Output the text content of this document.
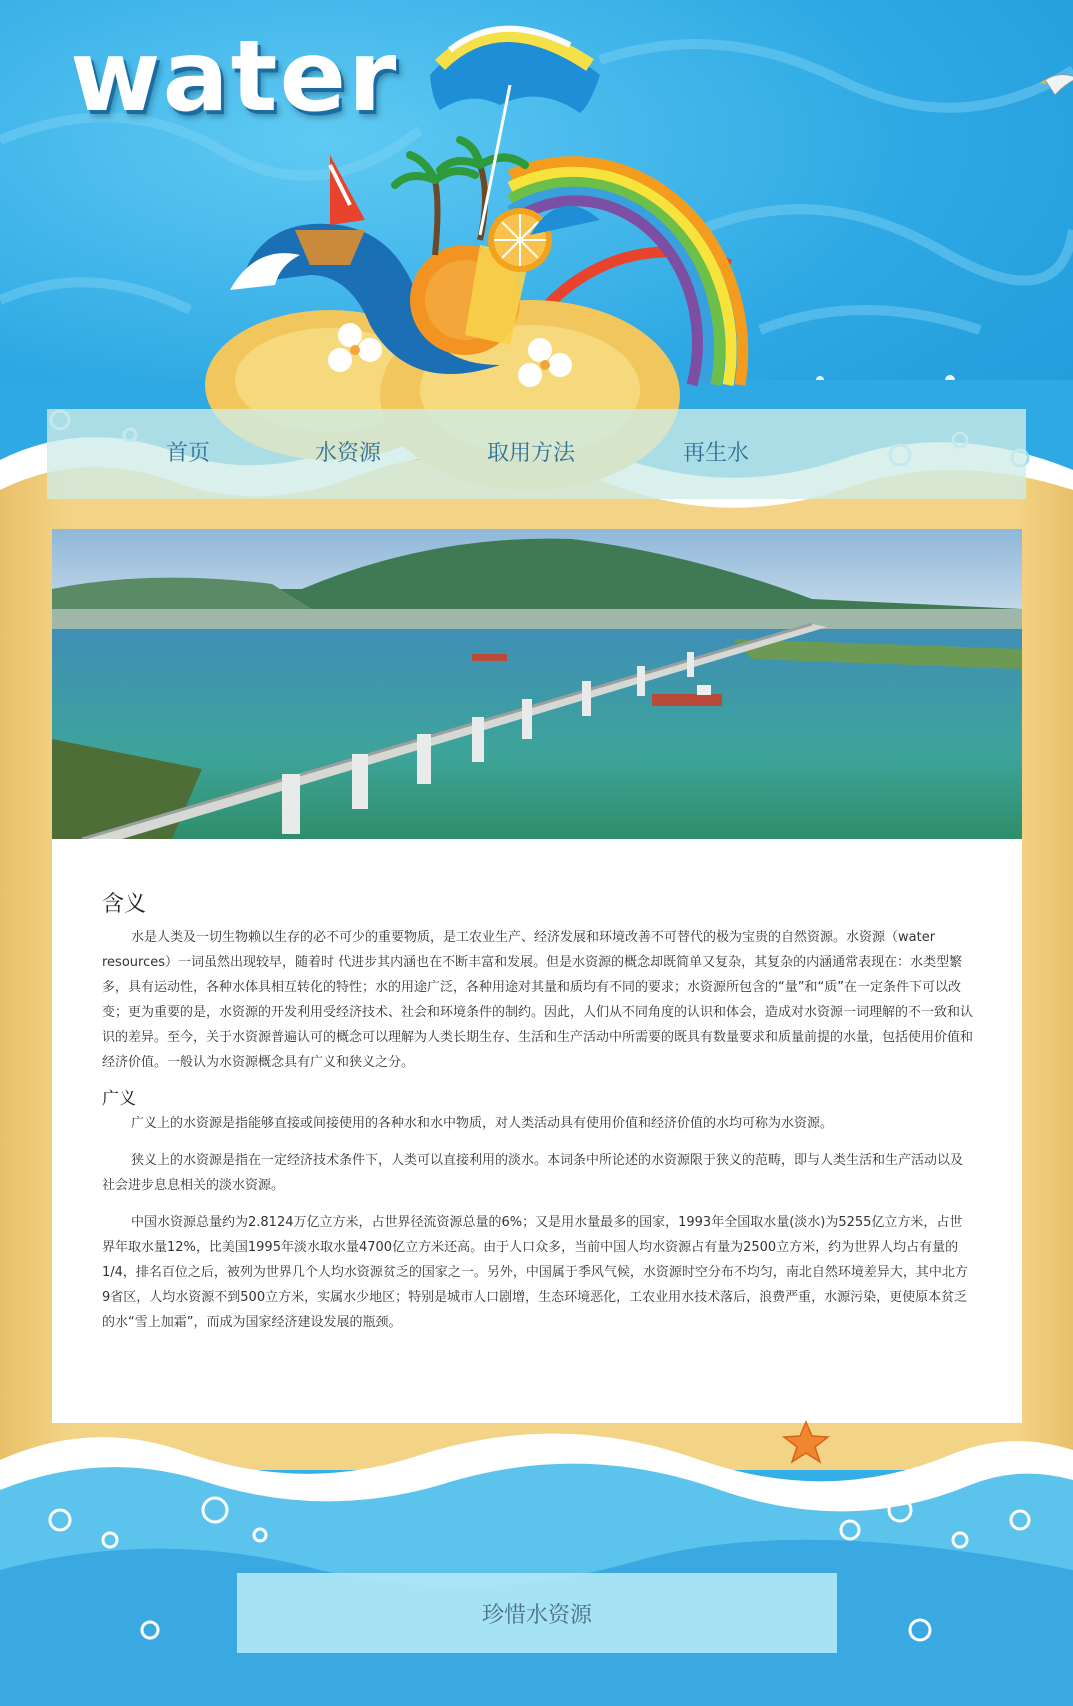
water
首页	水资源	取用方法	再生水
含义

水是人类及一切生物赖以生存的必不可少的重要物质，是工农业生产、经济发展和环境改善不可替代的极为宝贵的自然资源。水资源（water resources）一词虽然出现较早，随着时 代进步其内涵也在不断丰富和发展。但是水资源的概念却既简单又复杂，其复杂的内涵通常表现在：水类型繁多，具有运动性，各种水体具相互转化的特性；水的用途广泛，各种用途对其量和质均有不同的要求；水资源所包含的“量”和“质”在一定条件下可以改变；更为重要的是，水资源的开发利用受经济技术、社会和环境条件的制约。因此，人们从不同角度的认识和体会，造成对水资源一词理解的不一致和认识的差异。至今，关于水资源普遍认可的概念可以理解为人类长期生存、生活和生产活动中所需要的既具有数量要求和质量前提的水量，包括使用价值和经济价值。一般认为水资源概念具有广义和狭义之分。

广义

广义上的水资源是指能够直接或间接使用的各种水和水中物质，对人类活动具有使用价值和经济价值的水均可称为水资源。

狭义上的水资源是指在一定经济技术条件下，人类可以直接利用的淡水。本词条中所论述的水资源限于狭义的范畴，即与人类生活和生产活动以及社会进步息息相关的淡水资源。

中国水资源总量约为2.8124万亿立方米，占世界径流资源总量的6%；又是用水量最多的国家，1993年全国取水量(淡水)为5255亿立方米，占世界年取水量12%，比美国1995年淡水取水量4700亿立方米还高。由于人口众多，当前中国人均水资源占有量为2500立方米，约为世界人均占有量的1/4，排名百位之后，被列为世界几个人均水资源贫乏的国家之一。另外，中国属于季风气候，水资源时空分布不均匀，南北自然环境差异大，其中北方9省区，人均水资源不到500立方米，实属水少地区；特别是城市人口剧增，生态环境恶化，工农业用水技术落后，浪费严重，水源污染，更使原本贫乏的水“雪上加霜”，而成为国家经济建设发展的瓶颈。

珍惜水资源
